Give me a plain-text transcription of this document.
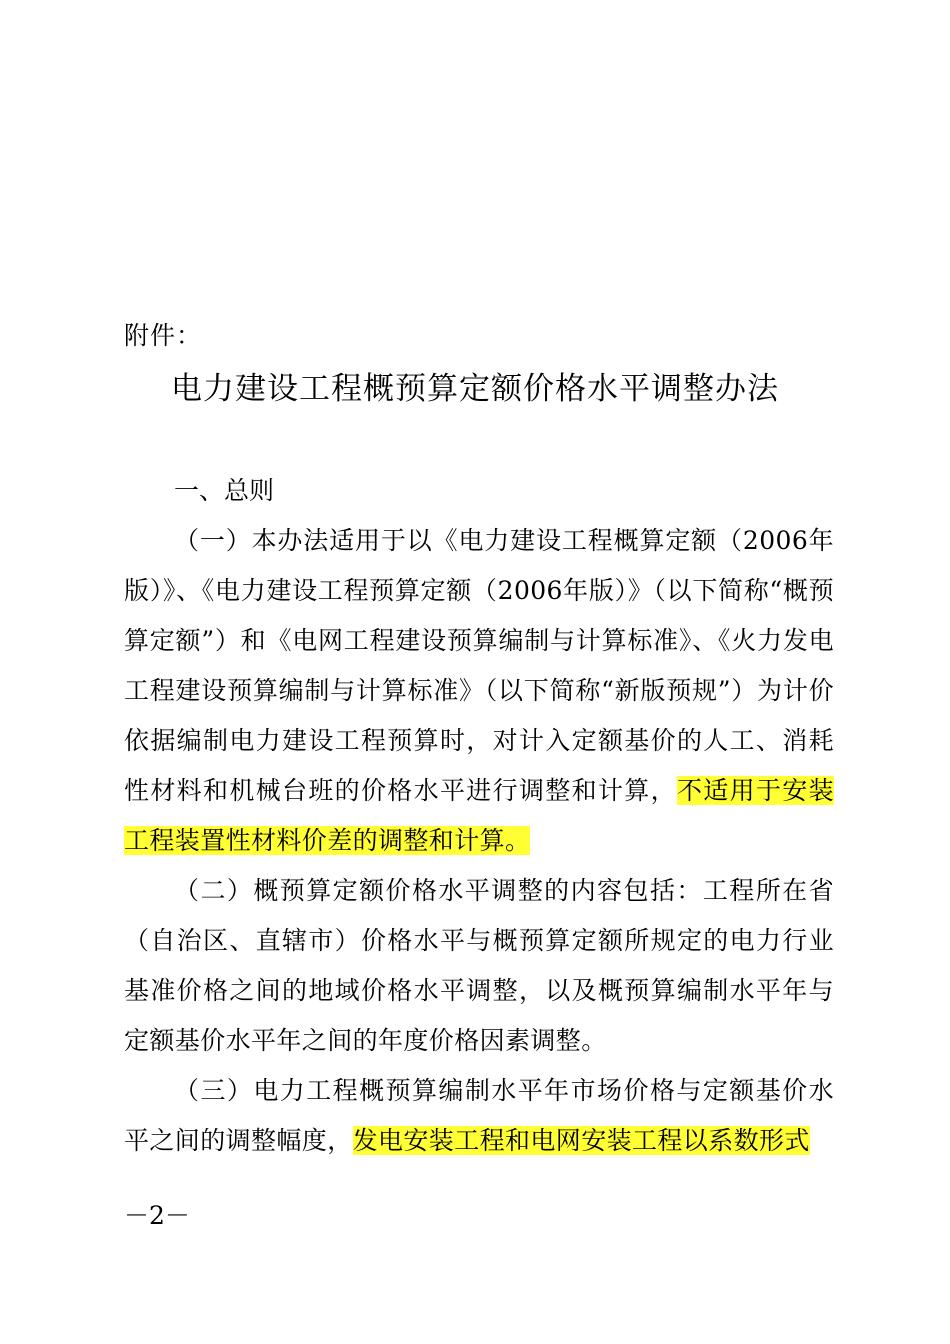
附件：
电力建设工程概预算定额价格水平调整办法

一、总则

（一）本办法适用于以《电力建设工程概算定额（2006年版）》、《电力建设工程预算定额（2006年版）》（以下简称“概预算定额”）和《电网工程建设预算编制与计算标准》、《火力发电工程建设预算编制与计算标准》（以下简称“新版预规”）为计价依据编制电力建设工程预算时，对计入定额基价的人工、消耗性材料和机械台班的价格水平进行调整和计算，不适用于安装工程装置性材料价差的调整和计算。

（二）概预算定额价格水平调整的内容包括：工程所在省（自治区、直辖市）价格水平与概预算定额所规定的电力行业基准价格之间的地域价格水平调整，以及概预算编制水平年与定额基价水平年之间的年度价格因素调整。

（三）电力工程概预算编制水平年市场价格与定额基价水平之间的调整幅度，发电安装工程和电网安装工程以系数形式

－2－
